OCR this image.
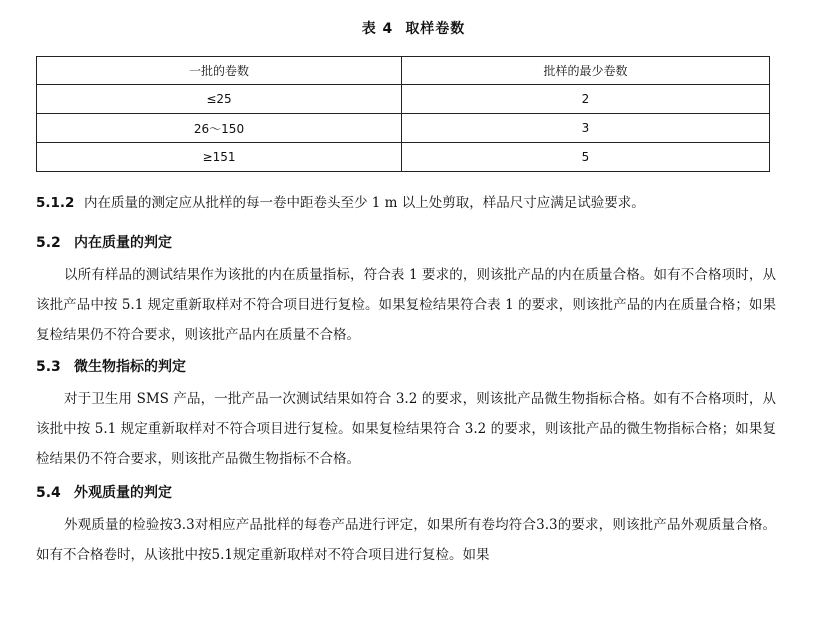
表 4 取样卷数
一批的卷数	批样的最少卷数
≤25	2
26～150	3
≥151	5
5.1.2 内在质量的测定应从批样的每一卷中距卷头至少 1 m 以上处剪取，样品尺寸应满足试验要求。
5.2 内在质量的判定
以所有样品的测试结果作为该批的内在质量指标，符合表 1 要求的，则该批产品的内在质量合格。如有不合格项时，从该批产品中按 5.1 规定重新取样对不符合项目进行复检。如果复检结果符合表 1 的要求，则该批产品的内在质量合格；如果复检结果仍不符合要求，则该批产品内在质量不合格。
5.3 微生物指标的判定
对于卫生用 SMS 产品，一批产品一次测试结果如符合 3.2 的要求，则该批产品微生物指标合格。如有不合格项时，从该批中按 5.1 规定重新取样对不符合项目进行复检。如果复检结果符合 3.2 的要求，则该批产品的微生物指标合格；如果复检结果仍不符合要求，则该批产品微生物指标不合格。
5.4 外观质量的判定
外观质量的检验按3.3对相应产品批样的每卷产品进行评定，如果所有卷均符合3.3的要求，则该批产品外观质量合格。如有不合格卷时，从该批中按5.1规定重新取样对不符合项目进行复检。如果
